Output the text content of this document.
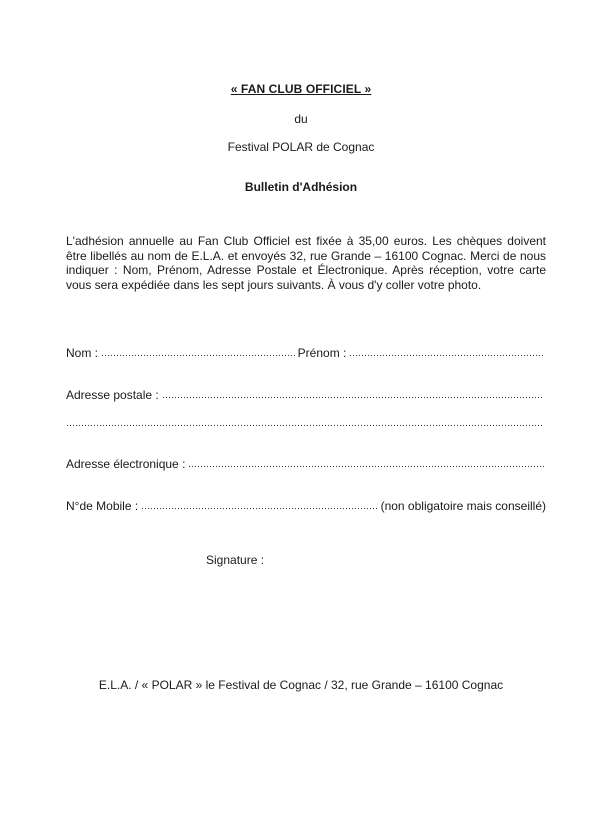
« FAN CLUB OFFICIEL »
du
Festival POLAR de Cognac
Bulletin d'Adhésion
L'adhésion annuelle au Fan Club Officiel est fixée à 35,00 euros. Les chèques doivent être libellés au nom de E.L.A. et envoyés 32, rue Grande – 16100 Cognac. Merci de nous indiquer : Nom, Prénom, Adresse Postale et Électronique. Après réception, votre carte vous sera expédiée dans les sept jours suivants. À vous d'y coller votre photo.
Nom :	Prénom :
Adresse postale :
Adresse électronique :
N°de Mobile :	(non obligatoire mais conseillé)
Signature :
E.L.A. / « POLAR » le Festival de Cognac / 32, rue Grande – 16100 Cognac
